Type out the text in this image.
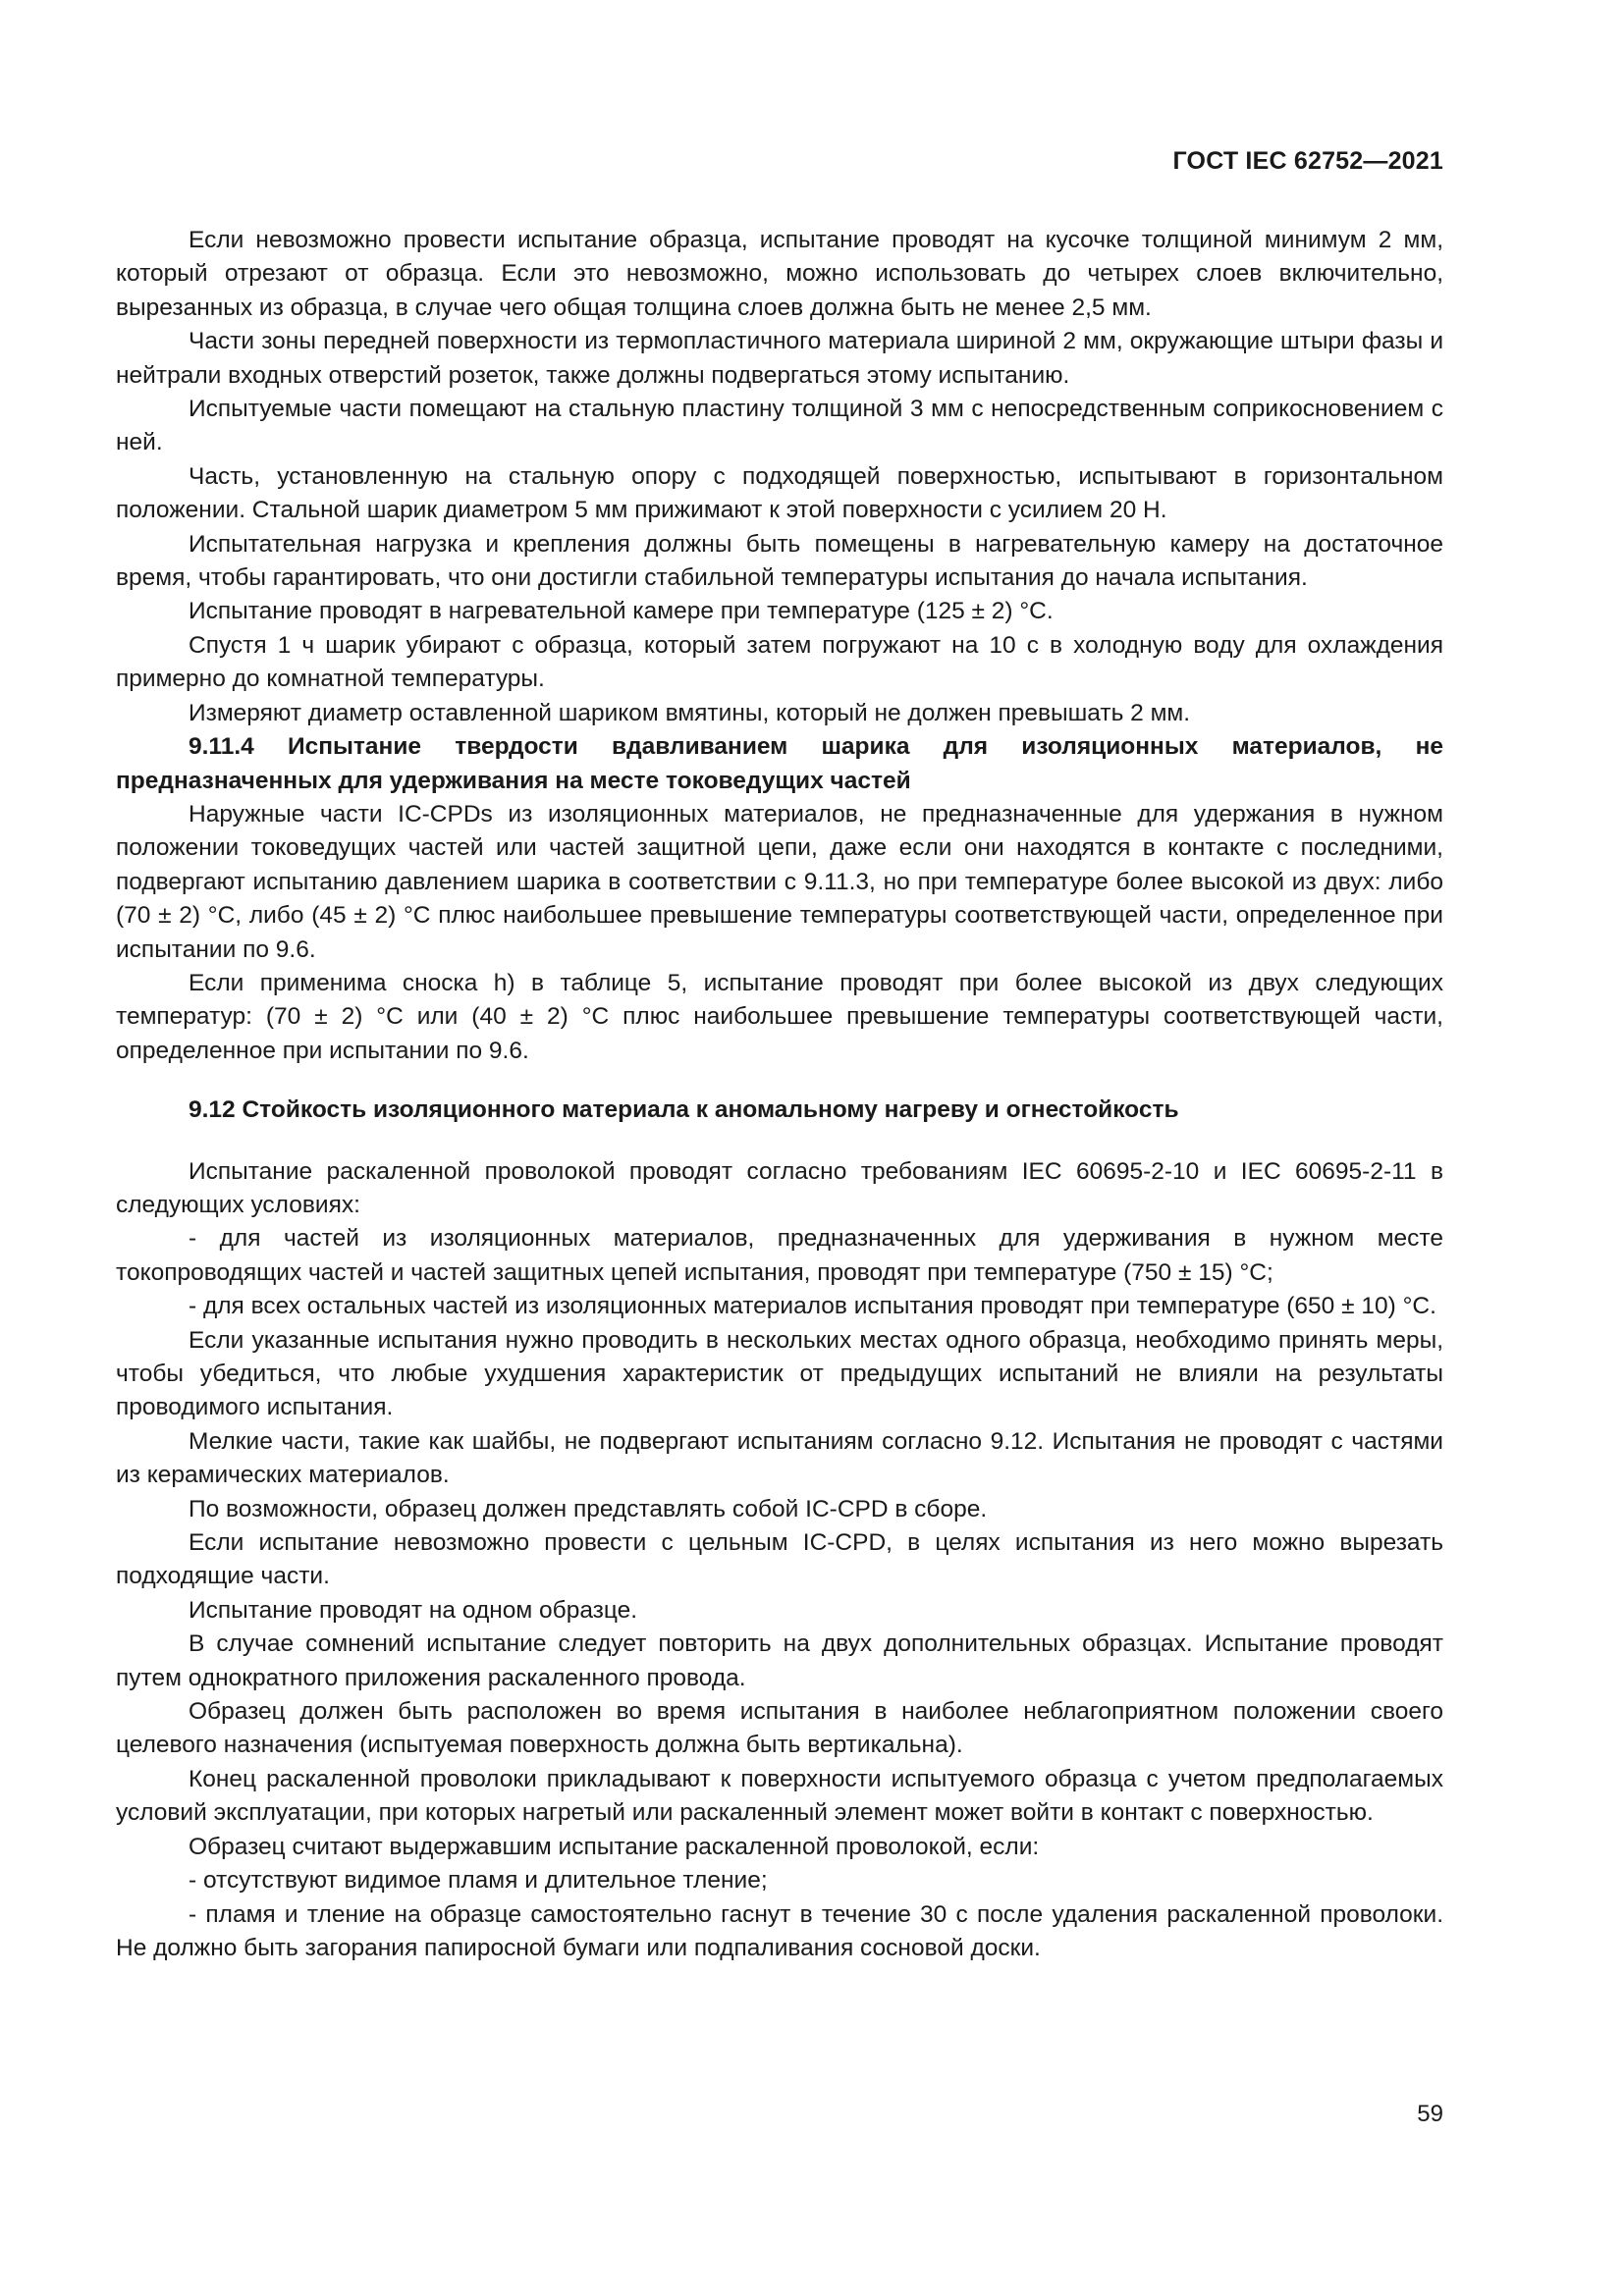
ГОСТ IEC 62752—2021

Если невозможно провести испытание образца, испытание проводят на кусочке толщиной минимум 2 мм, который отрезают от образца. Если это невозможно, можно использовать до четырех слоев включительно, вырезанных из образца, в случае чего общая толщина слоев должна быть не менее 2,5 мм.

Части зоны передней поверхности из термопластичного материала шириной 2 мм, окружающие штыри фазы и нейтрали входных отверстий розеток, также должны подвергаться этому испытанию.

Испытуемые части помещают на стальную пластину толщиной 3 мм с непосредственным соприкосновением с ней.

Часть, установленную на стальную опору с подходящей поверхностью, испытывают в горизонтальном положении. Стальной шарик диаметром 5 мм прижимают к этой поверхности с усилием 20 Н.

Испытательная нагрузка и крепления должны быть помещены в нагревательную камеру на достаточное время, чтобы гарантировать, что они достигли стабильной температуры испытания до начала испытания.

Испытание проводят в нагревательной камере при температуре (125 ± 2) °С.

Спустя 1 ч шарик убирают с образца, который затем погружают на 10 с в холодную воду для охлаждения примерно до комнатной температуры.

Измеряют диаметр оставленной шариком вмятины, который не должен превышать 2 мм.

9.11.4 Испытание твердости вдавливанием шарика для изоляционных материалов, не предназначенных для удерживания на месте токоведущих частей

Наружные части IC-CPDs из изоляционных материалов, не предназначенные для удержания в нужном положении токоведущих частей или частей защитной цепи, даже если они находятся в контакте с последними, подвергают испытанию давлением шарика в соответствии с 9.11.3, но при температуре более высокой из двух: либо (70 ± 2) °С, либо (45 ± 2) °С плюс наибольшее превышение температуры соответствующей части, определенное при испытании по 9.6.

Если применима сноска h) в таблице 5, испытание проводят при более высокой из двух следующих температур: (70 ± 2) °С или (40 ± 2) °С плюс наибольшее превышение температуры соответствующей части, определенное при испытании по 9.6.

9.12 Стойкость изоляционного материала к аномальному нагреву и огнестойкость

Испытание раскаленной проволокой проводят согласно требованиям IEC 60695-2-10 и IEC 60695-2-11 в следующих условиях:

- для частей из изоляционных материалов, предназначенных для удерживания в нужном месте токопроводящих частей и частей защитных цепей испытания, проводят при температуре (750 ± 15) °С;

- для всех остальных частей из изоляционных материалов испытания проводят при температуре (650 ± 10) °С.

Если указанные испытания нужно проводить в нескольких местах одного образца, необходимо принять меры, чтобы убедиться, что любые ухудшения характеристик от предыдущих испытаний не влияли на результаты проводимого испытания.

Мелкие части, такие как шайбы, не подвергают испытаниям согласно 9.12. Испытания не проводят с частями из керамических материалов.

По возможности, образец должен представлять собой IC-CPD в сборе.

Если испытание невозможно провести с цельным IC-CPD, в целях испытания из него можно вырезать подходящие части.

Испытание проводят на одном образце.

В случае сомнений испытание следует повторить на двух дополнительных образцах. Испытание проводят путем однократного приложения раскаленного провода.

Образец должен быть расположен во время испытания в наиболее неблагоприятном положении своего целевого назначения (испытуемая поверхность должна быть вертикальна).

Конец раскаленной проволоки прикладывают к поверхности испытуемого образца с учетом предполагаемых условий эксплуатации, при которых нагретый или раскаленный элемент может войти в контакт с поверхностью.

Образец считают выдержавшим испытание раскаленной проволокой, если:

- отсутствуют видимое пламя и длительное тление;

- пламя и тление на образце самостоятельно гаснут в течение 30 с после удаления раскаленной проволоки. Не должно быть загорания папиросной бумаги или подпаливания сосновой доски.

59
